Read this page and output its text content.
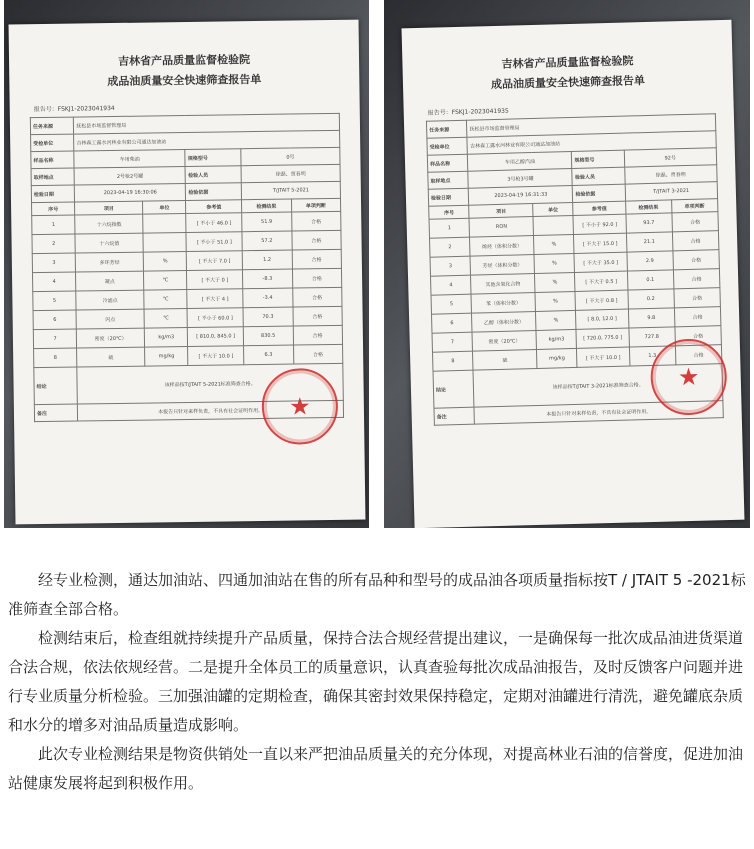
吉林省产品质量监督检验院
成品油质量安全快速筛查报告单
报告号：FSKJ1-2023041934
任务来源	抚松县市场监督管理局				
受检单位	吉林森工露水河林业有限公司通达加油站				
样品名称	车用柴油		规格型号	0号	
取样地点	2号枪2号罐		检验人员	徐磊、贾春明	
检验日期	2023-04-19 16:30:06		检验依据	T/JTAIT 5-2021	
序号	项目	单位	参考值	检测结果	单项判断
1	十六烷指数		[ 不小于 46.0 ]	51.9	合格
2	十六烷值		[ 不小于 51.0 ]	57.2	合格
3	多环芳烃	%	[ 不大于 7.0 ]	1.2	合格
4	凝点	℃	[ 不大于 0 ]	-8.3	合格
5	冷滤点	℃	[ 不大于 4 ]	-3.4	合格
6	闪点	℃	[ 不小于 60.0 ]	70.3	合格
7	密度（20℃）	kg/m3	[ 810.0, 845.0 ]	830.5	合格
8	硫	mg/kg	[ 不大于 10.0 ]	6.3	合格
结论	该样品按T/JTAIT 5-2021标准筛查合格。				
备注	本报告只针对来样负责，不具有社会证明作用。				★
吉林省产品质量监督检验院
成品油质量安全快速筛查报告单
报告号：FSKJ1-2023041935
任务来源	抚松县市场监督管理局				
受检单位	吉林森工露水河林业有限公司通达加油站				
样品名称	车用乙醇汽油		规格型号	92号	
取样地点	3号枪3号罐		检验人员	徐磊、贾春明	
检验日期	2023-04-19 16:31:33		检验依据	T/JTAIT 3-2021	
序号	项目	单位	参考值	检测结果	单项判断
1	RON		[ 不小于 92.0 ]	93.7	合格
2	烯烃（体积分数）	%	[ 不大于 15.0 ]	21.1	合格
3	芳烃（体积分数）	%	[ 不大于 35.0 ]	2.9	合格
4	其他含氧化合物	%	[ 不大于 0.5 ]	0.1	合格
5	苯（体积分数）	%	[ 不大于 0.8 ]	0.2	合格
6	乙醇（体积分数）	%	[ 8.0, 12.0 ]	9.8	合格
7	密度（20℃）	kg/m3	[ 720.0, 775.0 ]	727.8	合格
8	硫	mg/kg	[ 不大于 10.0 ]	1.3	合格
结论	该样品按T/JTAIT 3-2021标准筛查合格。				
备注	本报告只针对来样负责，不具有社会证明作用。				
★

经专业检测，通达加油站、四通加油站在售的所有品种和型号的成品油各项质量指标按T / JTAIT 5 -2021标准筛查全部合格。

检测结束后，检查组就持续提升产品质量，保持合法合规经营提出建议，一是确保每一批次成品油进货渠道合法合规，依法依规经营。二是提升全体员工的质量意识，认真查验每批次成品油报告，及时反馈客户问题并进行专业质量分析检验。三加强油罐的定期检查，确保其密封效果保持稳定，定期对油罐进行清洗，避免罐底杂质和水分的增多对油品质量造成影响。

此次专业检测结果是物资供销处一直以来严把油品质量关的充分体现，对提高林业石油的信誉度，促进加油站健康发展将起到积极作用。
